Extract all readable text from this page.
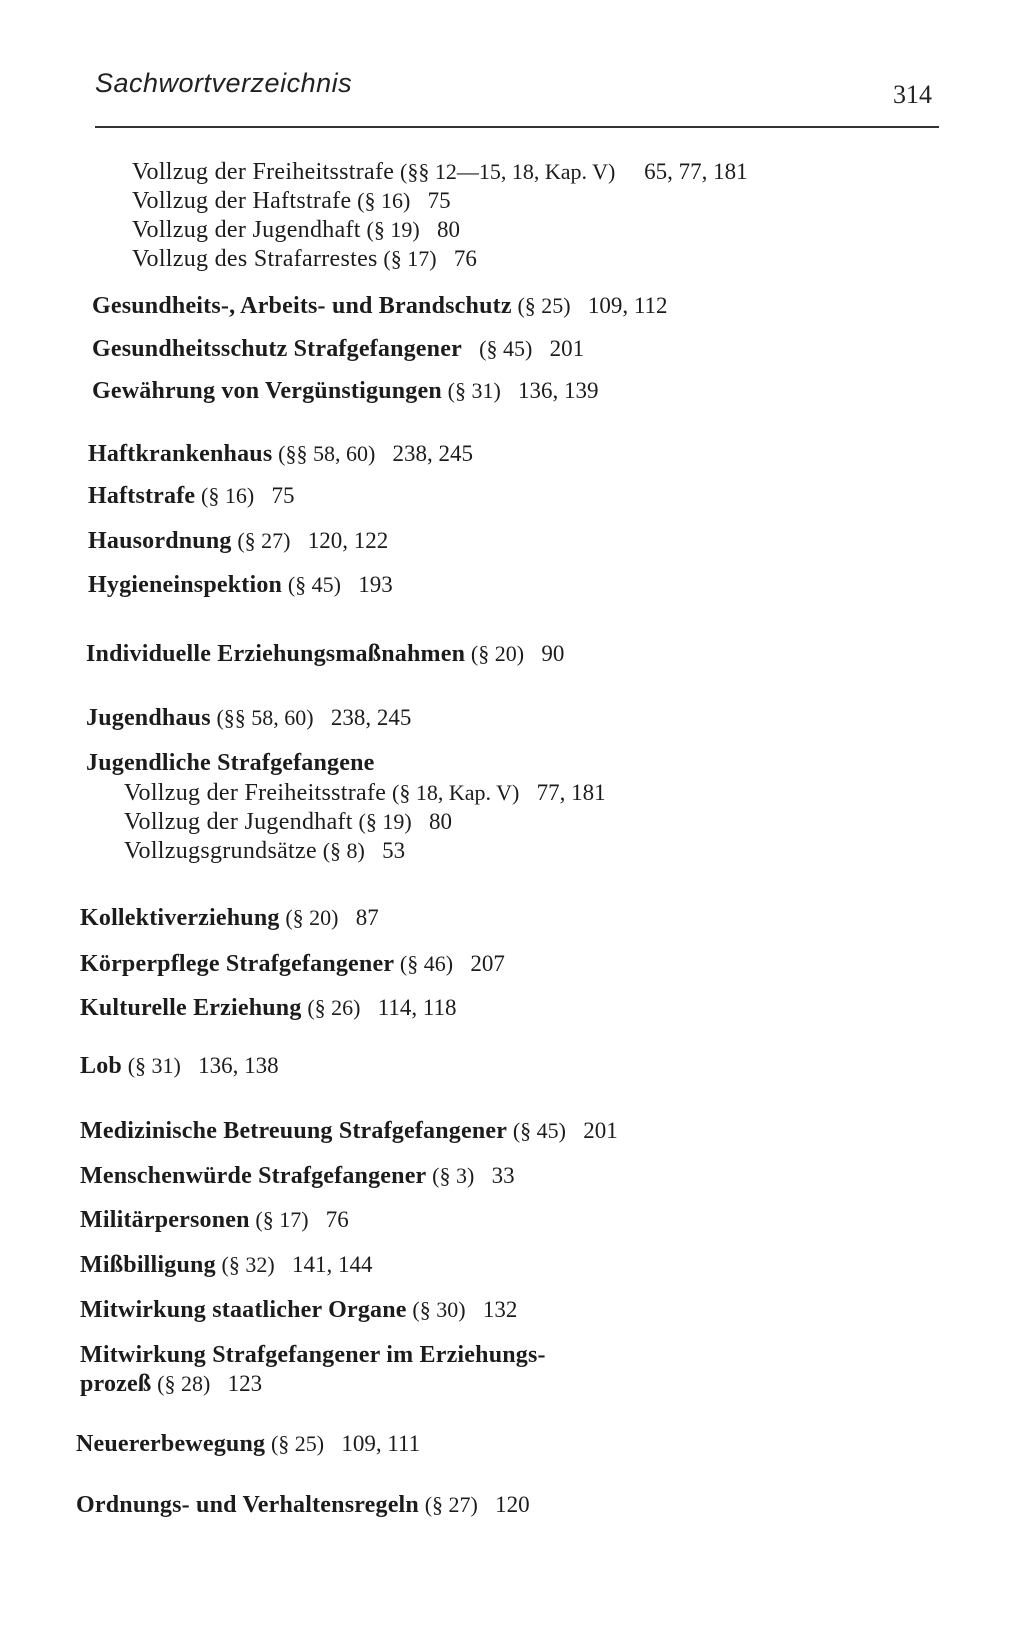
Sachwortverzeichnis	314
Vollzug der Freiheitsstrafe (§§ 12—15, 18, Kap. V)   65, 77, 181
Vollzug der Haftstrafe (§ 16)   75
Vollzug der Jugendhaft (§ 19)   80
Vollzug des Strafarrestes (§ 17)   76
Gesundheits-, Arbeits- und Brandschutz (§ 25)   109, 112
Gesundheitsschutz Strafgefangener   (§ 45)   201
Gewährung von Vergünstigungen (§ 31)   136, 139
Haftkrankenhaus (§§ 58, 60)   238, 245
Haftstrafe (§ 16)   75
Hausordnung (§ 27)   120, 122
Hygieneinspektion (§ 45)   193
Individuelle Erziehungsmaßnahmen (§ 20)   90
Jugendhaus (§§ 58, 60)   238, 245
Jugendliche Strafgefangene
Vollzug der Freiheitsstrafe (§ 18, Kap. V)   77, 181
Vollzug der Jugendhaft (§ 19)   80
Vollzugsgrundsätze (§ 8)   53
Kollektiverziehung (§ 20)   87
Körperpflege Strafgefangener (§ 46)   207
Kulturelle Erziehung (§ 26)   114, 118
Lob (§ 31)   136, 138
Medizinische Betreuung Strafgefangener (§ 45)   201
Menschenwürde Strafgefangener (§ 3)   33
Militärpersonen (§ 17)   76
Mißbilligung (§ 32)   141, 144
Mitwirkung staatlicher Organe (§ 30)   132
Mitwirkung Strafgefangener im Erziehungs-
prozeß (§ 28)   123
Neuererbewegung (§ 25)   109, 111
Ordnungs- und Verhaltensregeln (§ 27)   120
